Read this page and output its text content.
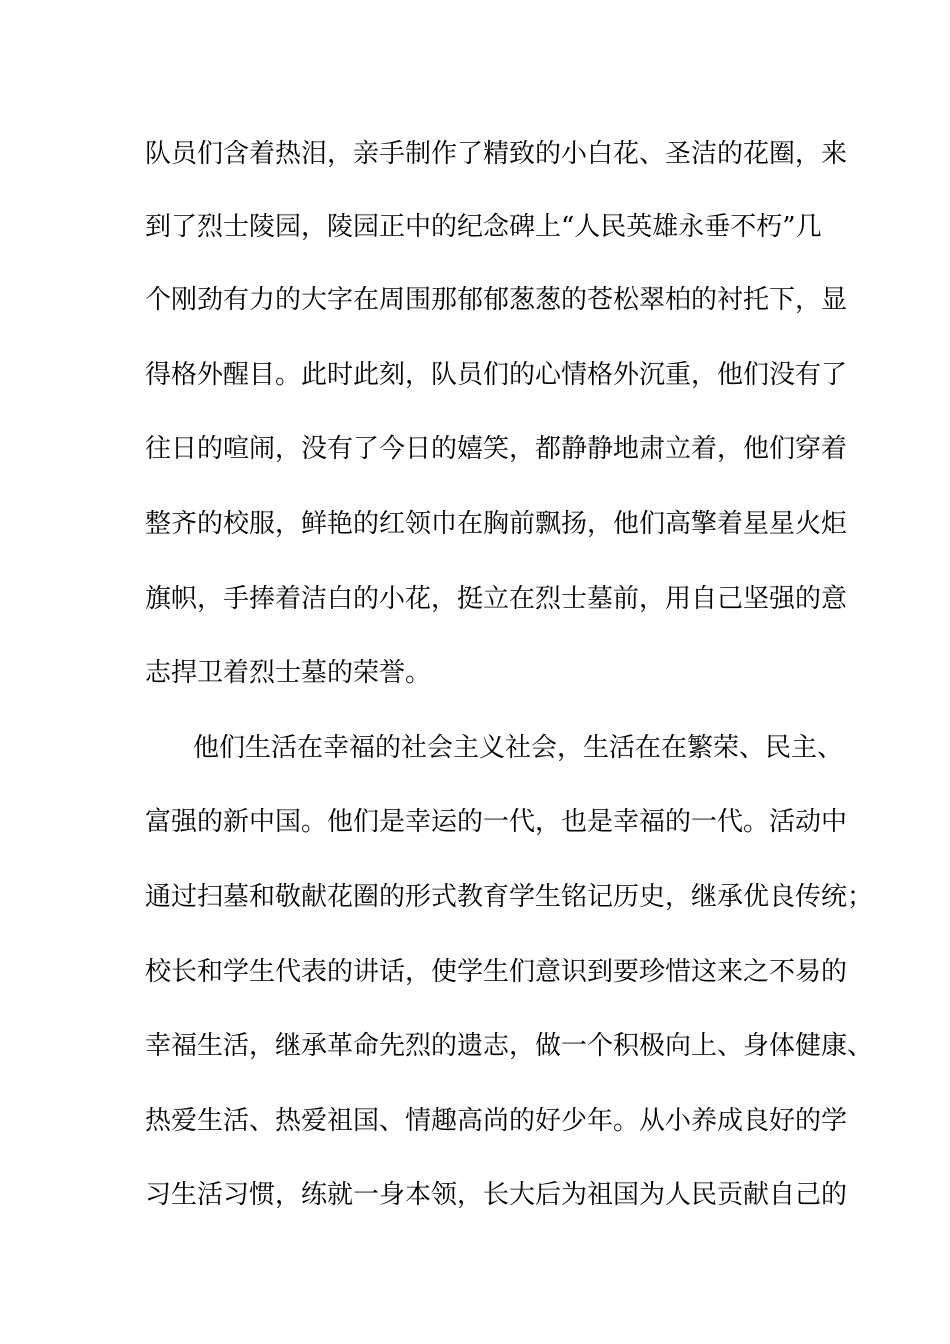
队员们含着热泪，亲手制作了精致的小白花、圣洁的花圈，来
到了烈士陵园，陵园正中的纪念碑上“人民英雄永垂不朽”几
个刚劲有力的大字在周围那郁郁葱葱的苍松翠柏的衬托下，显
得格外醒目。此时此刻，队员们的心情格外沉重，他们没有了
往日的喧闹，没有了今日的嬉笑，都静静地肃立着，他们穿着
整齐的校服，鲜艳的红领巾在胸前飘扬，他们高擎着星星火炬
旗帜，手捧着洁白的小花，挺立在烈士墓前，用自己坚强的意
志捍卫着烈士墓的荣誉。
他们生活在幸福的社会主义社会，生活在在繁荣、民主、
富强的新中国。他们是幸运的一代，也是幸福的一代。活动中
通过扫墓和敬献花圈的形式教育学生铭记历史，继承优良传统；
校长和学生代表的讲话，使学生们意识到要珍惜这来之不易的
幸福生活，继承革命先烈的遗志，做一个积极向上、身体健康、
热爱生活、热爱祖国、情趣高尚的好少年。从小养成良好的学
习生活习惯，练就一身本领，长大后为祖国为人民贡献自己的
